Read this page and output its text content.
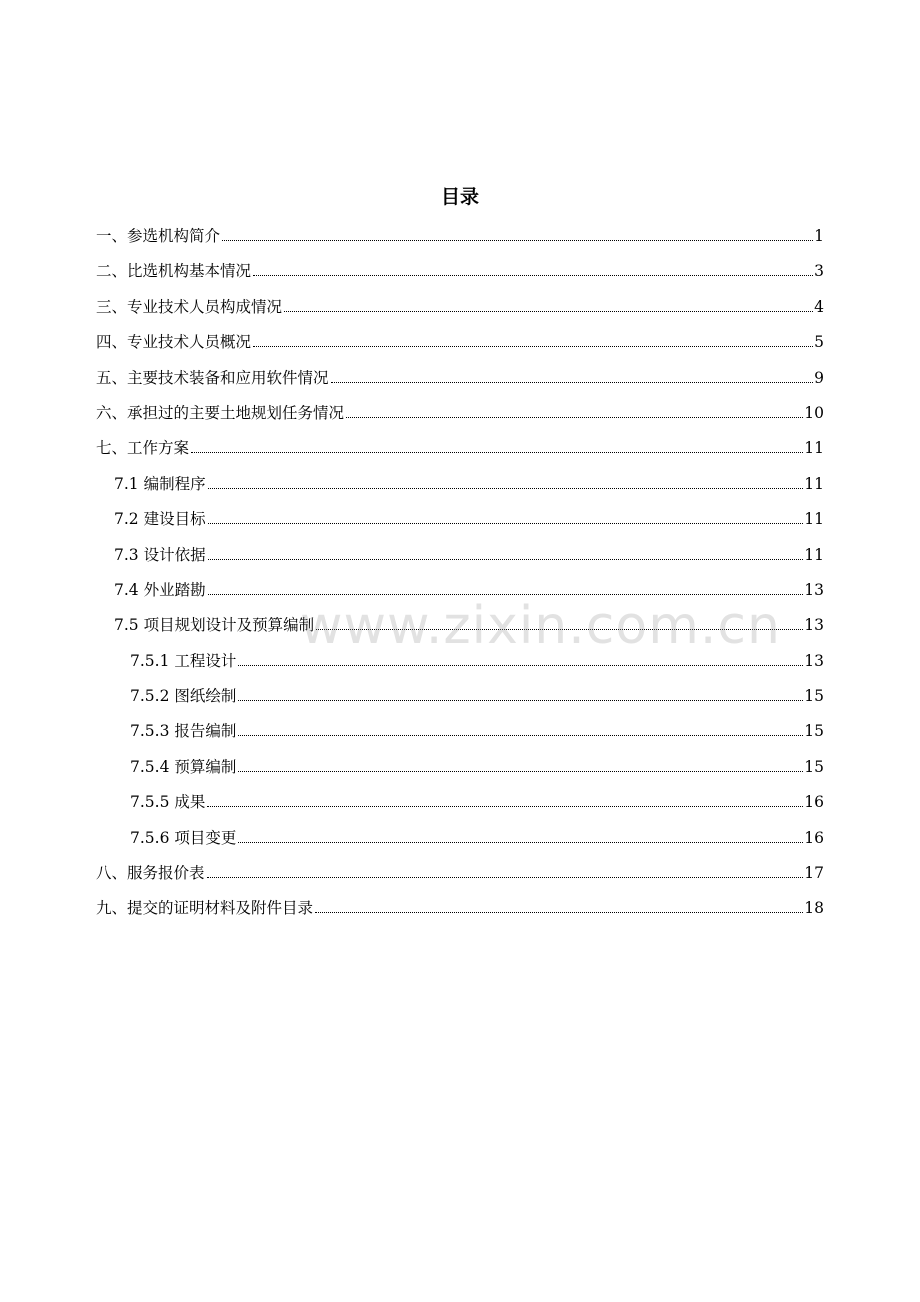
目录
一、参选机构简介	1
二、比选机构基本情况	3
三、专业技术人员构成情况	4
四、专业技术人员概况	5
五、主要技术装备和应用软件情况	9
六、承担过的主要土地规划任务情况	10
七、工作方案	11
7.1 编制程序	11
7.2 建设目标	11
7.3 设计依据	11
7.4 外业踏勘	13
7.5 项目规划设计及预算编制	13
7.5.1 工程设计	13
7.5.2 图纸绘制	15
7.5.3 报告编制	15
7.5.4 预算编制	15
7.5.5 成果	16
7.5.6 项目变更	16
八、服务报价表	17
九、提交的证明材料及附件目录	18
www.zixin.com.cn
